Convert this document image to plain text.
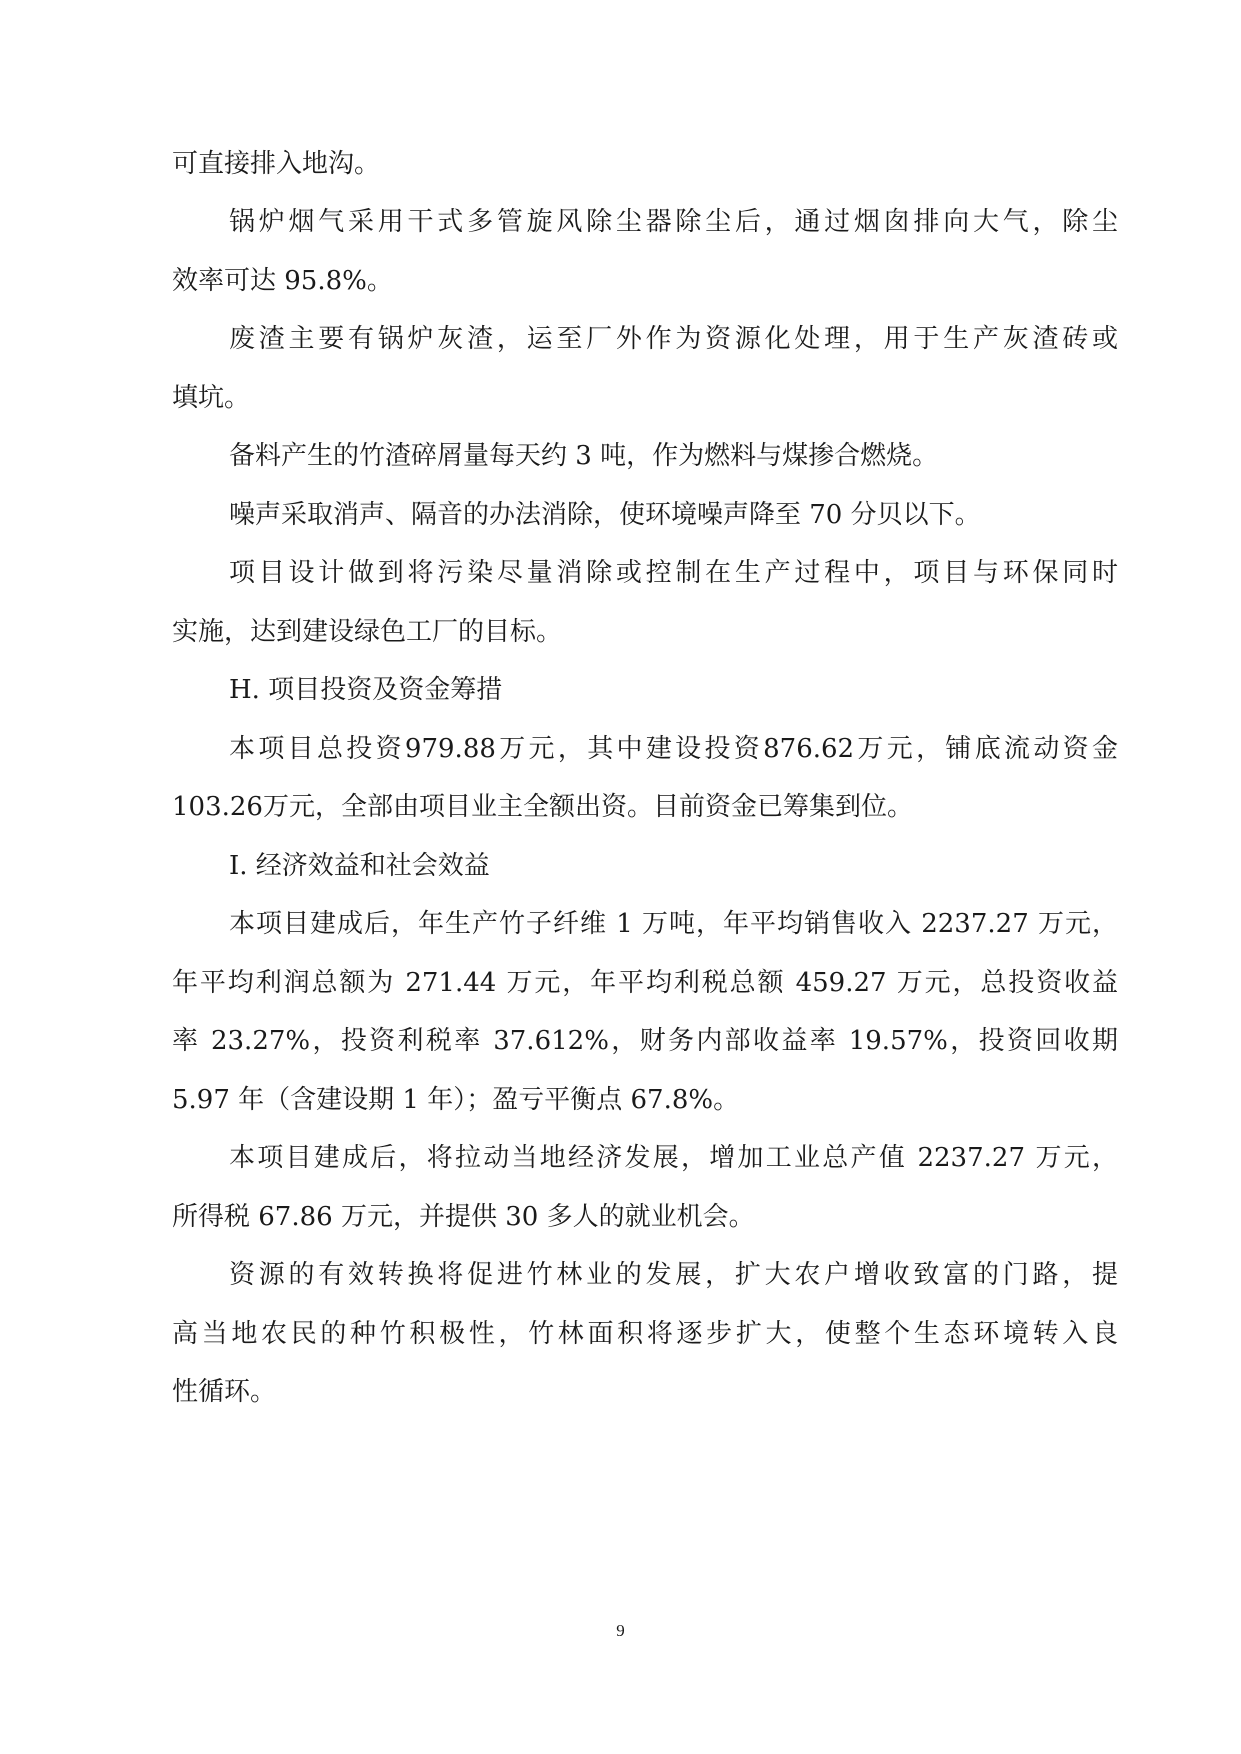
可直接排入地沟。
锅炉烟气采用干式多管旋风除尘器除尘后，通过烟囱排向大气，除尘
效率可达 95.8%。
废渣主要有锅炉灰渣，运至厂外作为资源化处理，用于生产灰渣砖或
填坑。
备料产生的竹渣碎屑量每天约 3 吨，作为燃料与煤掺合燃烧。
噪声采取消声、隔音的办法消除，使环境噪声降至 70 分贝以下。
项目设计做到将污染尽量消除或控制在生产过程中，项目与环保同时
实施，达到建设绿色工厂的目标。
H. 项目投资及资金筹措
本项目总投资979.88万元，其中建设投资876.62万元，铺底流动资金
103.26万元，全部由项目业主全额出资。目前资金已筹集到位。
I. 经济效益和社会效益
本项目建成后，年生产竹子纤维 1 万吨，年平均销售收入 2237.27 万元，
年平均利润总额为 271.44 万元，年平均利税总额 459.27 万元，总投资收益
率 23.27%，投资利税率 37.612%，财务内部收益率 19.57%，投资回收期
5.97 年（含建设期 1 年）；盈亏平衡点 67.8%。
本项目建成后，将拉动当地经济发展，增加工业总产值 2237.27 万元，
所得税 67.86 万元，并提供 30 多人的就业机会。
资源的有效转换将促进竹林业的发展，扩大农户增收致富的门路，提
高当地农民的种竹积极性，竹林面积将逐步扩大，使整个生态环境转入良
性循环。
9
